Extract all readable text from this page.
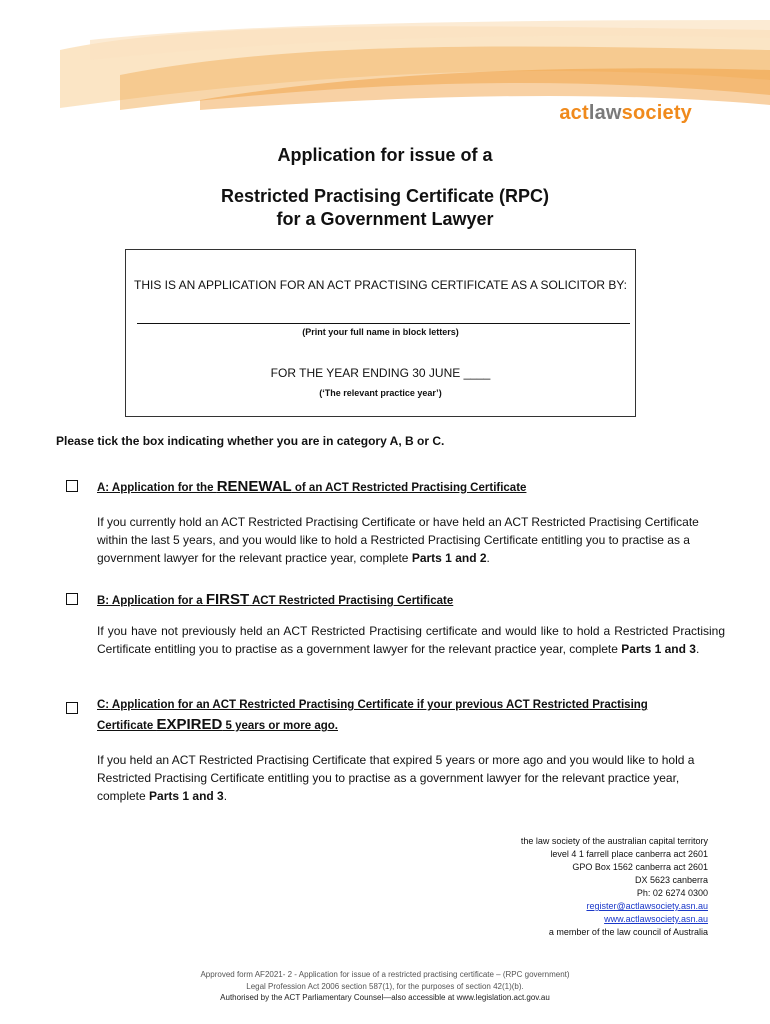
actlawsociety
Application for issue of a
Restricted Practising Certificate (RPC)
for a Government Lawyer
THIS IS AN APPLICATION FOR AN ACT PRACTISING CERTIFICATE AS A SOLICITOR BY:
(Print your full name in block letters)
FOR THE YEAR ENDING 30 JUNE ____
(‘The relevant practice year’)
Please tick the box indicating whether you are in category A, B or C.
A: Application for the RENEWAL of an ACT Restricted Practising Certificate
If you currently hold an ACT Restricted Practising Certificate or have held an ACT Restricted Practising Certificate within the last 5 years, and you would like to hold a Restricted Practising Certificate entitling you to practise as a government lawyer for the relevant practice year, complete Parts 1 and 2.
B: Application for a FIRST ACT Restricted Practising Certificate
If you have not previously held an ACT Restricted Practising certificate and would like to hold a Restricted Practising Certificate entitling you to practise as a government lawyer for the relevant practice year, complete Parts 1 and 3.
C: Application for an ACT Restricted Practising Certificate if your previous ACT Restricted Practising
Certificate EXPIRED 5 years or more ago.
If you held an ACT Restricted Practising Certificate that expired 5 years or more ago and you would like to hold a Restricted Practising Certificate entitling you to practise as a government lawyer for the relevant practice year, complete Parts 1 and 3.
the law society of the australian capital territory
level 4 1 farrell place canberra act 2601
GPO Box 1562 canberra act 2601
DX 5623 canberra
Ph: 02 6274 0300
register@actlawsociety.asn.au
www.actlawsociety.asn.au
a member of the law council of Australia
Approved form AF2021- 2 - Application for issue of a restricted practising certificate – (RPC government)
Legal Profession Act 2006 section 587(1), for the purposes of section 42(1)(b).
Authorised by the ACT Parliamentary Counsel—also accessible at www.legislation.act.gov.au
